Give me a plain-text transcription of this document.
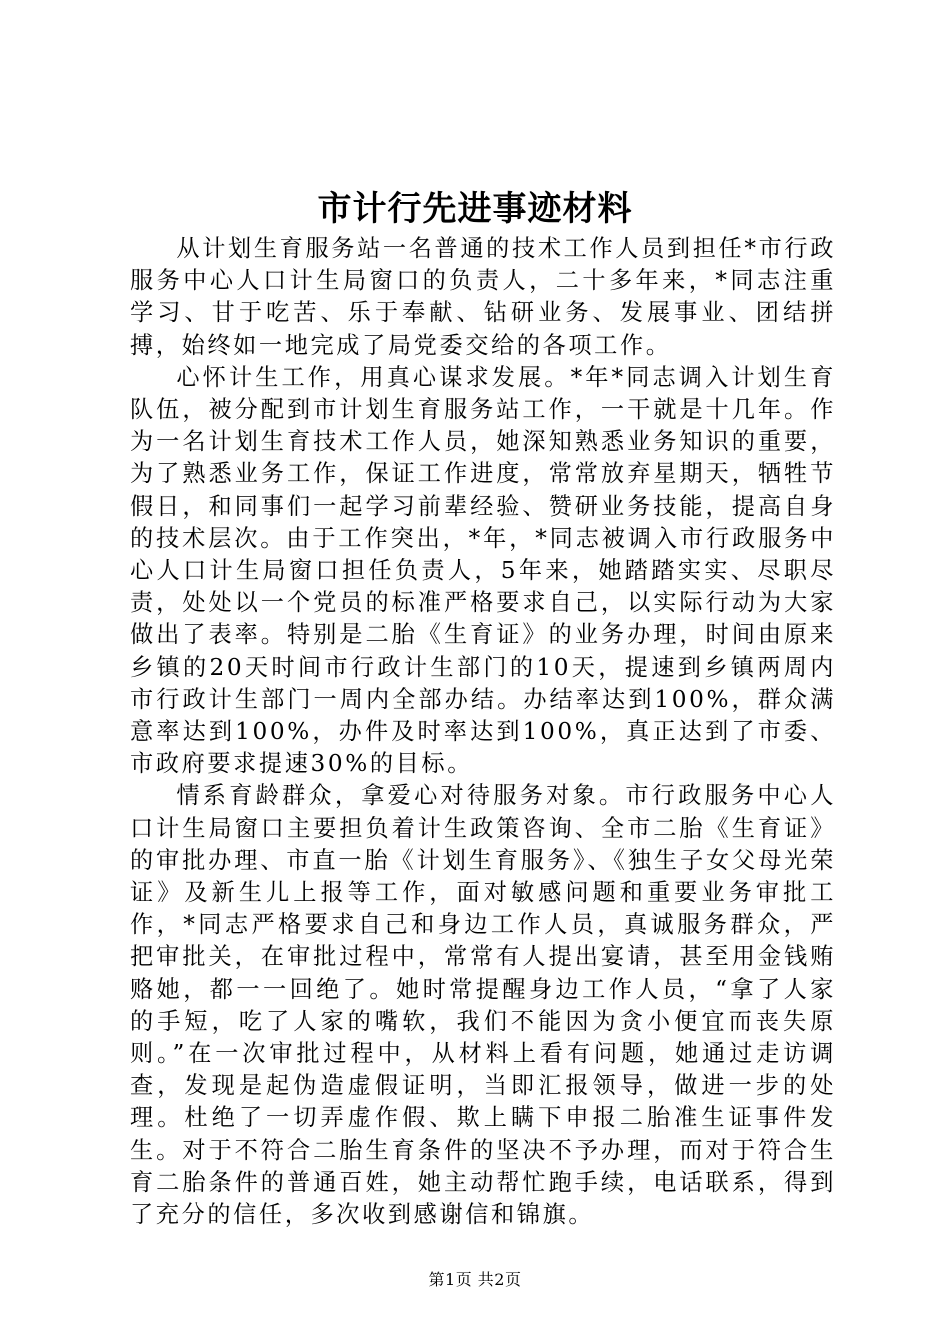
市计行先进事迹材料

从计划生育服务站一名普通的技术工作人员到担任*市行政服务中心人口计生局窗口的负责人，二十多年来，*同志注重学习、甘于吃苦、乐于奉献、钻研业务、发展事业、团结拼搏，始终如一地完成了局党委交给的各项工作。

心怀计生工作，用真心谋求发展。*年*同志调入计划生育队伍，被分配到市计划生育服务站工作，一干就是十几年。作为一名计划生育技术工作人员，她深知熟悉业务知识的重要，为了熟悉业务工作，保证工作进度，常常放弃星期天，牺牲节假日，和同事们一起学习前辈经验、赞研业务技能，提高自身的技术层次。由于工作突出，*年，*同志被调入市行政服务中心人口计生局窗口担任负责人，5年来，她踏踏实实、尽职尽责，处处以一个党员的标准严格要求自己，以实际行动为大家做出了表率。特别是二胎《生育证》的业务办理，时间由原来乡镇的20天时间市行政计生部门的10天，提速到乡镇两周内市行政计生部门一周内全部办结。办结率达到100%，群众满意率达到100%，办件及时率达到100%，真正达到了市委、市政府要求提速30%的目标。

情系育龄群众，拿爱心对待服务对象。市行政服务中心人口计生局窗口主要担负着计生政策咨询、全市二胎《生育证》的审批办理、市直一胎《计划生育服务》、《独生子女父母光荣证》及新生儿上报等工作，面对敏感问题和重要业务审批工作，*同志严格要求自己和身边工作人员，真诚服务群众，严把审批关，在审批过程中，常常有人提出宴请，甚至用金钱贿赂她，都一一回绝了。她时常提醒身边工作人员，“拿了人家的手短，吃了人家的嘴软，我们不能因为贪小便宜而丧失原则。”在一次审批过程中，从材料上看有问题，她通过走访调查，发现是起伪造虚假证明，当即汇报领导，做进一步的处理。杜绝了一切弄虚作假、欺上瞒下申报二胎准生证事件发生。对于不符合二胎生育条件的坚决不予办理，而对于符合生育二胎条件的普通百姓，她主动帮忙跑手续，电话联系，得到了充分的信任，多次收到感谢信和锦旗。

第1页 共2页
